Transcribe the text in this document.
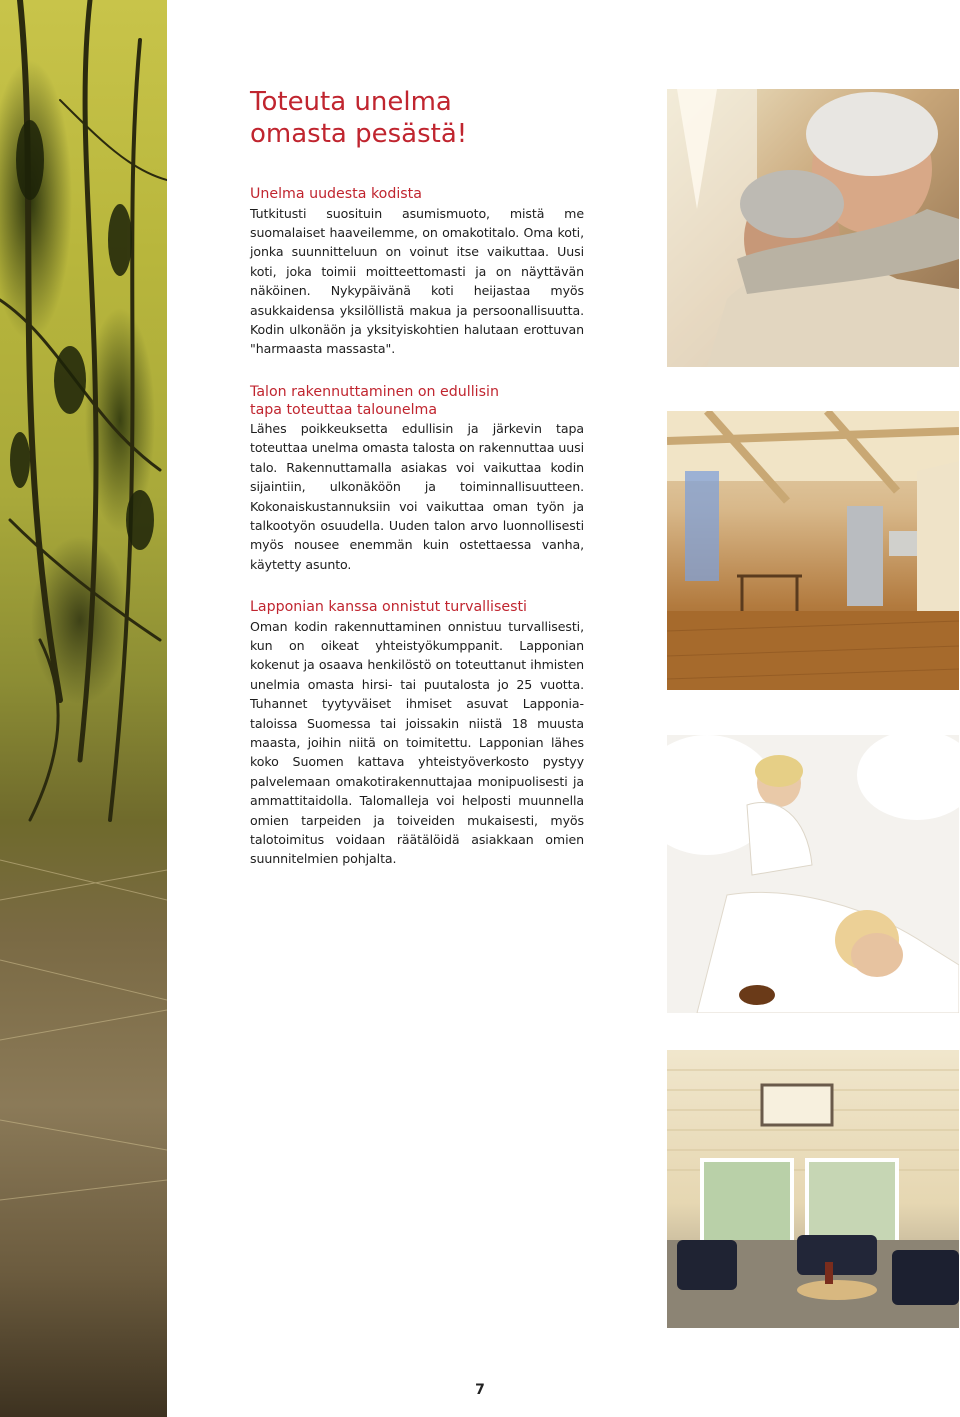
Toteuta unelma
omasta pesästä!
Unelma uudesta kodista

Tutkitusti suosituin asumismuoto, mistä me suomalaiset haaveilemme, on omakotitalo. Oma koti, jonka suunnitteluun on voinut itse vaikuttaa. Uusi koti, joka toimii moitteettomasti ja on näyttävän näköinen. Nykypäivänä koti heijastaa myös asukkaidensa yksilöllistä makua ja persoonallisuutta. Kodin ulkonäön ja yksityiskohtien halutaan erottuvan "harmaasta massasta".

Talon rakennuttaminen on edullisin
tapa toteuttaa talounelma

Lähes poikkeuksetta edullisin ja järkevin tapa toteuttaa unelma omasta talosta on rakennuttaa uusi talo. Rakennuttamalla asiakas voi vaikuttaa kodin sijaintiin, ulkonäköön ja toiminnallisuutteen. Kokonaiskustannuksiin voi vaikuttaa oman työn ja talkootyön osuudella. Uuden talon arvo luonnollisesti myös nousee enemmän kuin ostettaessa vanha, käytetty asunto.

Lapponian kanssa onnistut turvallisesti

Oman kodin rakennuttaminen onnistuu turvallisesti, kun on oikeat yhteistyökumppanit. Lapponian kokenut ja osaava henkilöstö on toteuttanut ihmisten unelmia omasta hirsi- tai puutalosta jo 25 vuotta. Tuhannet tyytyväiset ihmiset asuvat Lapponia-taloissa Suomessa tai joissakin niistä 18 muusta maasta, joihin niitä on toimitettu. Lapponian lähes koko Suomen kattava yhteistyöverkosto pystyy palvelemaan omakotirakennuttajaa monipuolisesti ja ammattitaidolla. Talomalleja voi helposti muunnella omien tarpeiden ja toiveiden mukaisesti, myös talotoimitus voidaan räätälöidä asiakkaan omien suunnitelmien pohjalta.

7
